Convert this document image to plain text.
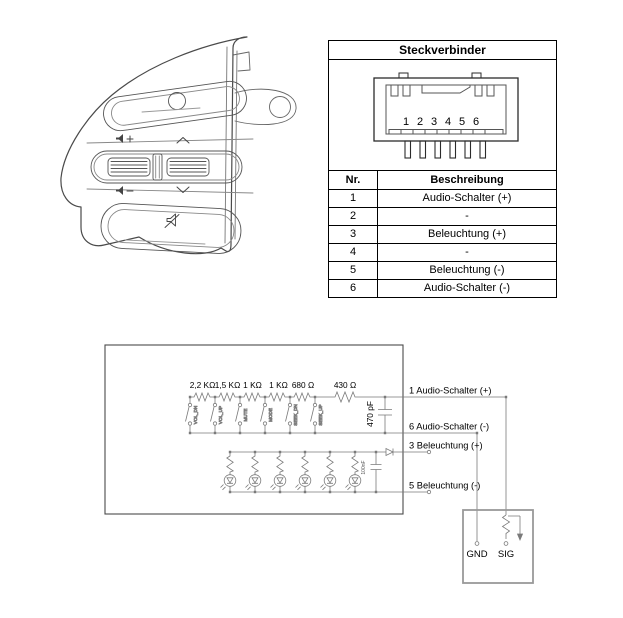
Steckverbinder
1 2 3 4 5 6
Nr.	Beschreibung
1	Audio-Schalter (+)
2	-
3	Beleuchtung (+)
4	-
5	Beleuchtung (-)
6	Audio-Schalter (-)
VOL_DN	VOL_UP	MUTE	MODE	SEEK_DN	SEEK_UP
GND SIG
2,2 KΩ 1,5 KΩ 1 KΩ 1 KΩ 680 Ω 430 Ω
470 pF
100nF
1 Audio-Schalter (+)
6 Audio-Schalter (-)
3 Beleuchtung (+)
5 Beleuchtung (-)
